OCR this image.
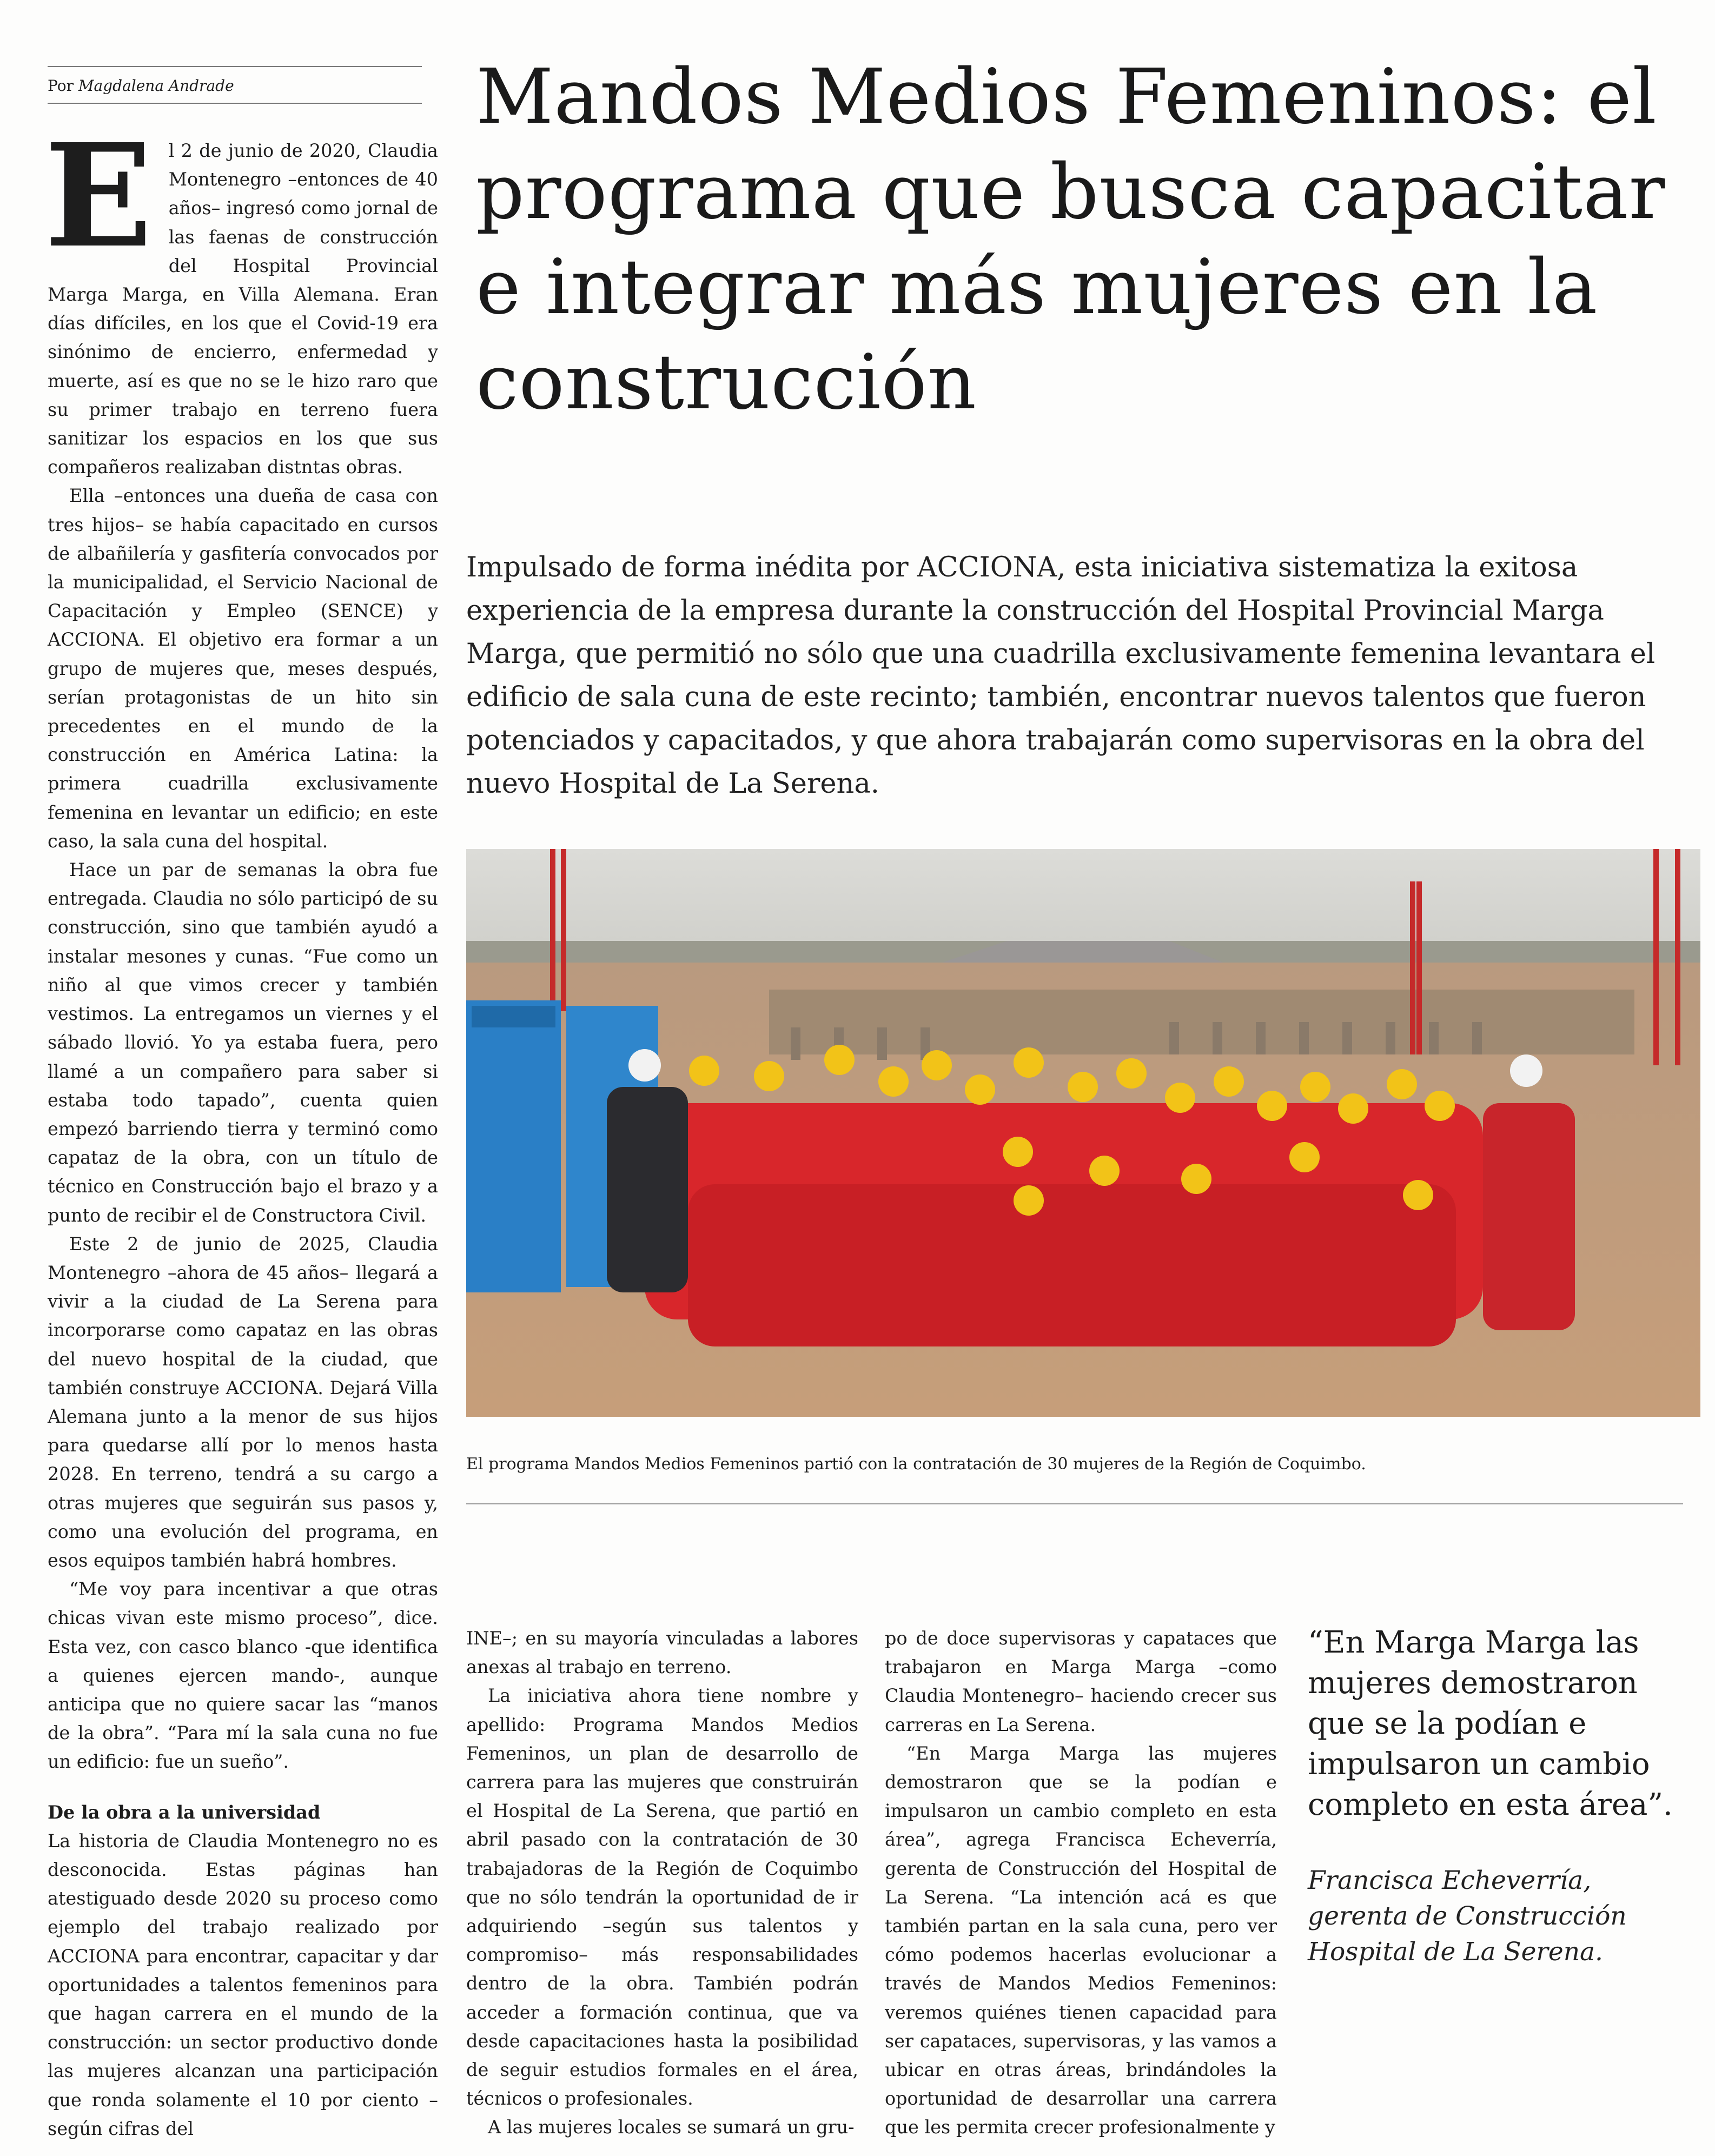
Por Magdalena Andrade	Mandos Medios Femeninos: el programa que busca capacitar e integrar más mujeres en la construcción

Impulsado de forma inédita por ACCIONA, esta iniciativa sistematiza la exitosa experiencia de la empresa durante la construcción del Hospital Provincial Marga Marga, que permitió no sólo que una cuadrilla exclusivamente femenina levantara el edificio de sala cuna de este recinto; también, encontrar nuevos talentos que fueron potenciados y capacitados, y que ahora trabajarán como supervisoras en la obra del nuevo Hospital de La Serena.

El 2 de junio de 2020, Claudia Montenegro –entonces de 40 años– ingresó como jornal de las faenas de construcción del Hospital Provincial Marga Marga, en Villa Alemana. Eran días difíciles, en los que el Covid-19 era sinónimo de encierro, enfermedad y muerte, así es que no se le hizo raro que su primer trabajo en terreno fuera sanitizar los espacios en los que sus compañeros realizaban distntas obras.

Ella –entonces una dueña de casa con tres hijos– se había capacitado en cursos de albañilería y gasfitería convocados por la municipalidad, el Servicio Nacional de Capacitación y Empleo (SENCE) y ACCIONA. El objetivo era formar a un grupo de mujeres que, meses después, serían protagonistas de un hito sin precedentes en el mundo de la construcción en América Latina: la primera cuadrilla exclusivamente femenina en levantar un edificio; en este caso, la sala cuna del hospital.

Hace un par de semanas la obra fue entregada. Claudia no sólo participó de su construcción, sino que también ayudó a instalar mesones y cunas. “Fue como un niño al que vimos crecer y también vestimos. La entregamos un viernes y el sábado llovió. Yo ya estaba fuera, pero llamé a un compañero para saber si estaba todo tapado”, cuenta quien empezó barriendo tierra y terminó como capataz de la obra, con un título de técnico en Construcción bajo el brazo y a punto de recibir el de Constructora Civil.

Este 2 de junio de 2025, Claudia Montenegro –ahora de 45 años– llegará a vivir a la ciudad de La Serena para incorporarse como capataz en las obras del nuevo hospital de la ciudad, que también construye ACCIONA. Dejará Villa Alemana junto a la menor de sus hijos para quedarse allí por lo menos hasta 2028. En terreno, tendrá a su cargo a otras mujeres que seguirán sus pasos y, como una evolución del programa, en esos equipos también habrá hombres.

“Me voy para incentivar a que otras chicas vivan este mismo proceso”, dice. Esta vez, con casco blanco -que identifica a quienes ejercen mando-, aunque anticipa que no quiere sacar las “manos de la obra”. “Para mí la sala cuna no fue un edificio: fue un sueño”.

De la obra a la universidad

La historia de Claudia Montenegro no es desconocida. Estas páginas han atestiguado desde 2020 su proceso como ejemplo del trabajo realizado por ACCIONA para encontrar, capacitar y dar oportunidades a talentos femeninos para que hagan carrera en el mundo de la construcción: un sector productivo donde las mujeres alcanzan una participación que ronda solamente el 10 por ciento –según cifras del

El programa Mandos Medios Femeninos partió con la contratación de 30 mujeres de la Región de Coquimbo.

INE–; en su mayoría vinculadas a labores anexas al trabajo en terreno.

La iniciativa ahora tiene nombre y apellido: Programa Mandos Medios Femeninos, un plan de desarrollo de carrera para las mujeres que construirán el Hospital de La Serena, que partió en abril pasado con la contratación de 30 trabajadoras de la Región de Coquimbo que no sólo tendrán la oportunidad de ir adquiriendo –según sus talentos y compromiso– más responsabilidades dentro de la obra. También podrán acceder a formación continua, que va desde capacitaciones hasta la posibilidad de seguir estudios formales en el área, técnicos o profesionales.

A las mujeres locales se sumará un gru-

po de doce supervisoras y capataces que trabajaron en Marga Marga –como Claudia Montenegro– haciendo crecer sus carreras en La Serena.

“En Marga Marga las mujeres demostraron que se la podían e impulsaron un cambio completo en esta área”, agrega Francisca Echeverría, gerenta de Construcción del Hospital de La Serena. “La intención acá es que también partan en la sala cuna, pero ver cómo podemos hacerlas evolucionar a través de Mandos Medios Femeninos: veremos quiénes tienen capacidad para ser capataces, supervisoras, y las vamos a ubicar en otras áreas, brindándoles la oportunidad de desarrollar una carrera que les permita crecer profesionalmente y

“En Marga Marga las mujeres demostraron que se la podían e impulsaron un cambio completo en esta área”.

Francisca Echeverría, gerenta de Construcción Hospital de La Serena.
